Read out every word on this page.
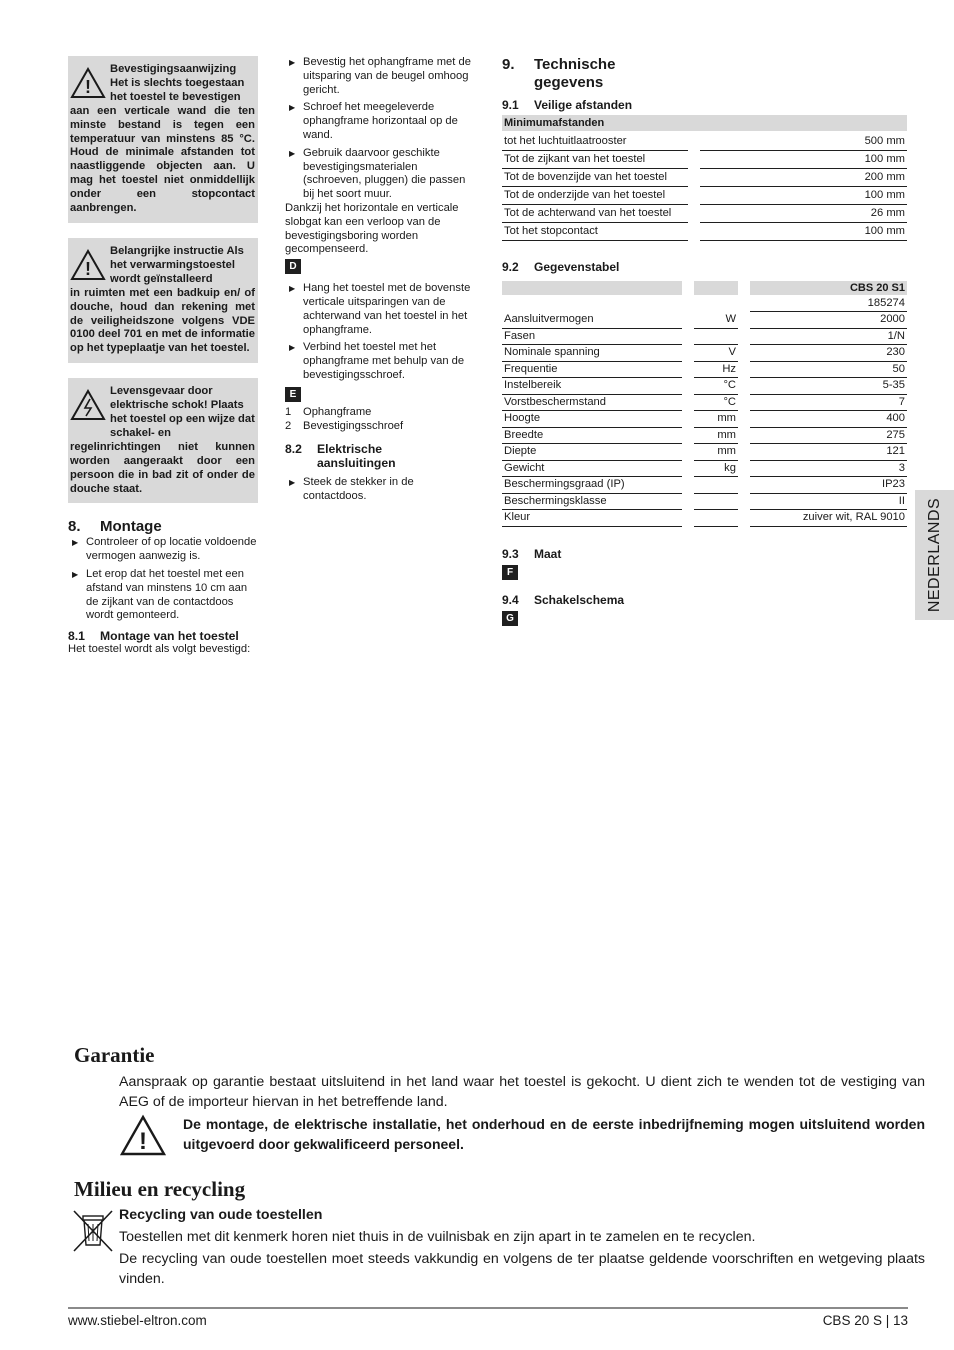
!
Bevestigingsaanwijzing Het is slechts toegestaan het toestel te bevestigen

aan een verticale wand die ten minste bestand is tegen een temperatuur van minstens 85 °C. Houd de minimale afstanden tot naastliggende objecten aan. U mag het toestel niet onmiddellijk onder een stopcontact aanbrengen.

!
Belangrijke instructie Als het verwarmingstoestel wordt geïnstalleerd

in ruimten met een badkuip en/ of douche, houd dan rekening met de veiligheidszone volgens VDE 0100 deel 701 en met de informatie op het typeplaatje van het toestel.

Levensgevaar door elektrische schok! Plaats het toestel op een wijze dat schakel- en

regelinrichtingen niet kunnen worden aangeraakt door een persoon die in bad zit of onder de douche staat.

8.	Montage
▶ Controleer of op locatie voldoende vermogen aanwezig is.
▶ Let erop dat het toestel met een afstand van minstens 10 cm aan de zijkant van de contactdoos wordt gemonteerd.
8.1	Montage van het toestel

Het toestel wordt als volgt bevestigd:

▶ Bevestig het ophangframe met de uitsparing van de beugel omhoog gericht.
▶ Schroef het meegeleverde ophangframe horizontaal op de wand.
▶ Gebruik daarvoor geschikte bevestigingsmaterialen (schroeven, pluggen) die passen bij het soort muur.

Dankzij het horizontale en verticale slobgat kan een verloop van de bevestigingsboring worden gecompenseerd.

D
▶ Hang het toestel met de bovenste verticale uitsparingen van de achterwand van het toestel in het ophangframe.
▶ Verbind het toestel met het ophangframe met behulp van de bevestigingsschroef.
E
1	Ophangframe
2	Bevestigingsschroef
8.2	Elektrische aansluitingen
▶ Steek de stekker in de contactdoos.
9.	Technische gegevens
9.1	Veilige afstanden
Minimumafstanden
tot het luchtuitlaatrooster		500 mm
Tot de zijkant van het toestel		100 mm
Tot de bovenzijde van het toestel		200 mm
Tot de onderzijde van het toestel		100 mm
Tot de achterwand van het toestel		26 mm
Tot het stopcontact		100 mm
9.2	Gegevenstabel
				CBS 20 S1
				185274
Aansluitvermogen		W		2000
Fasen				1/N
Nominale spanning		V		230
Frequentie		Hz		50
Instelbereik		°C		5-35
Vorstbeschermstand		°C		7
Hoogte		mm		400
Breedte		mm		275
Diepte		mm		121
Gewicht		kg		3
Beschermingsgraad (IP)				IP23
Beschermingsklasse				II
Kleur				zuiver wit, RAL 9010
9.3	Maat
F
9.4	Schakelschema
G
NEDERLANDS
Garantie

Aanspraak op garantie bestaat uitsluitend in het land waar het toestel is gekocht. U dient zich te wenden tot de vestiging van AEG of de importeur hiervan in het betreffende land.

!

De montage, de elektrische installatie, het onderhoud en de eerste inbedrijfneming mogen uitsluitend worden uitgevoerd door gekwalificeerd personeel.

Milieu en recycling

Recycling van oude toestellen

Toestellen met dit kenmerk horen niet thuis in de vuilnisbak en zijn apart in te zamelen en te recyclen.

De recycling van oude toestellen moet steeds vakkundig en volgens de ter plaatse geldende voorschriften en wetgeving plaats vinden.

www.stiebel-eltron.com	CBS 20 S | 13
